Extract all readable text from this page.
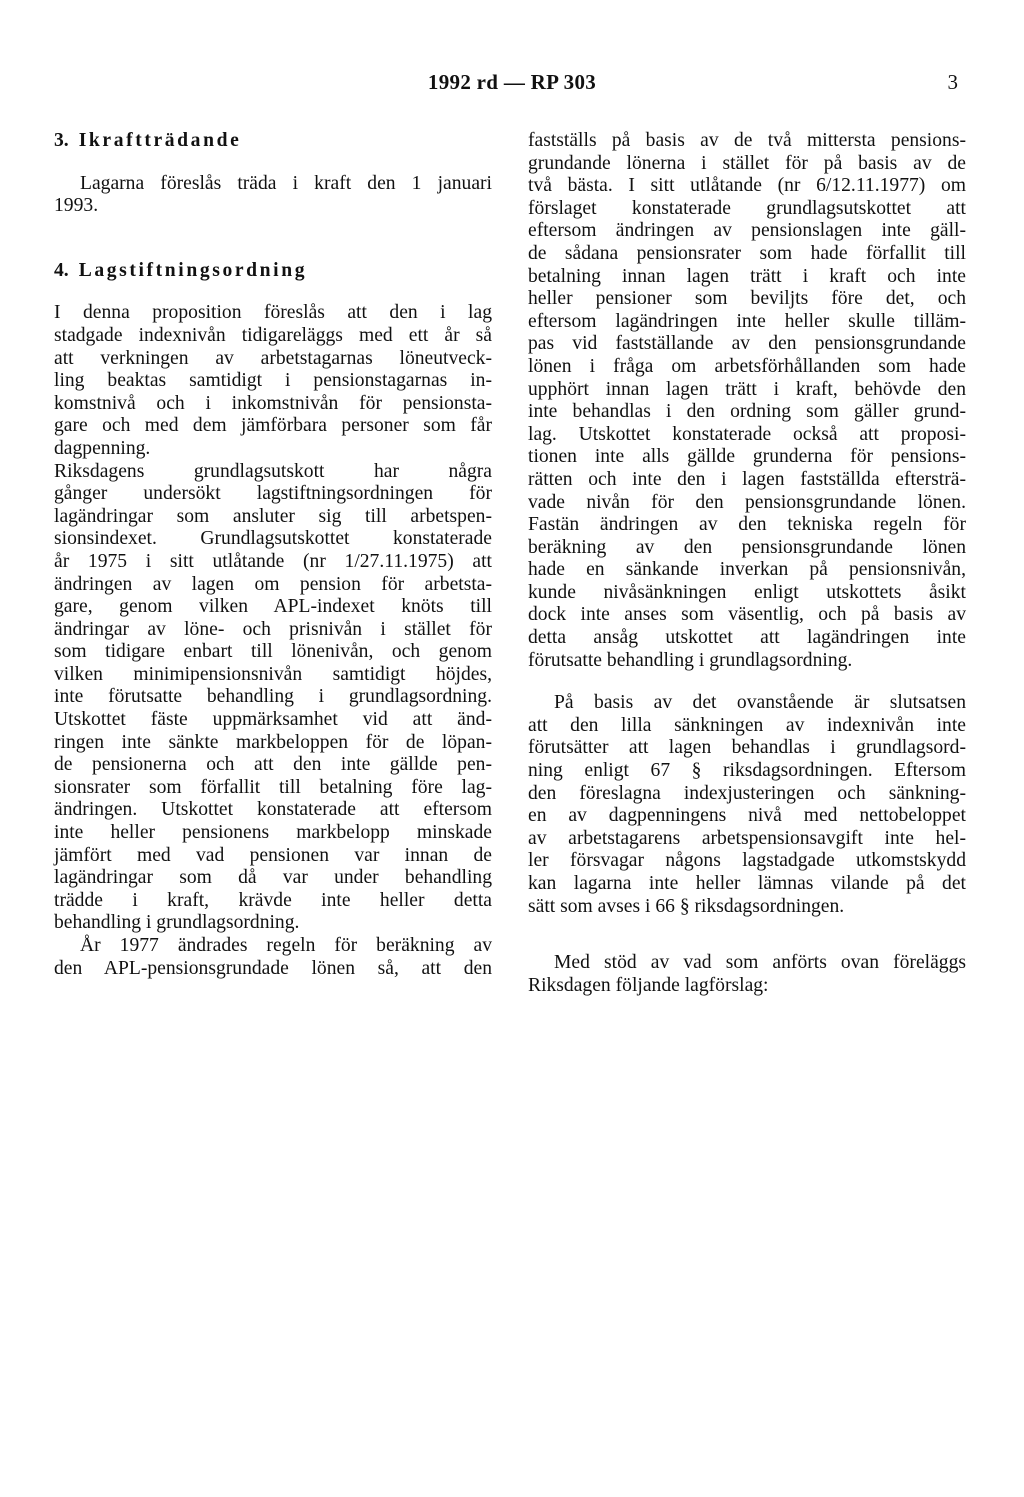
1992 rd — RP 303	3
3. Ikraftträdande
Lagarna föreslås träda i kraft den 1 januari
1993.
4. Lagstiftningsordning
I denna proposition föreslås att den i lag
stadgade indexnivån tidigareläggs med ett år så
att verkningen av arbetstagarnas löneutveck-
ling beaktas samtidigt i pensionstagarnas in-
komstnivå och i inkomstnivån för pensionsta-
gare och med dem jämförbara personer som får
dagpenning.
Riksdagens grundlagsutskott har några
gånger undersökt lagstiftningsordningen för
lagändringar som ansluter sig till arbetspen-
sionsindexet. Grundlagsutskottet konstaterade
år 1975 i sitt utlåtande (nr 1/27.11.1975) att
ändringen av lagen om pension för arbetsta-
gare, genom vilken APL-indexet knöts till
ändringar av löne- och prisnivån i stället för
som tidigare enbart till lönenivån, och genom
vilken minimipensionsnivån samtidigt höjdes,
inte förutsatte behandling i grundlagsordning.
Utskottet fäste uppmärksamhet vid att änd-
ringen inte sänkte markbeloppen för de löpan-
de pensionerna och att den inte gällde pen-
sionsrater som förfallit till betalning före lag-
ändringen. Utskottet konstaterade att eftersom
inte heller pensionens markbelopp minskade
jämfört med vad pensionen var innan de
lagändringar som då var under behandling
trädde i kraft, krävde inte heller detta
behandling i grundlagsordning.
År 1977 ändrades regeln för beräkning av
den APL-pensionsgrundade lönen så, att den
fastställs på basis av de två mittersta pensions-
grundande lönerna i stället för på basis av de
två bästa. I sitt utlåtande (nr 6/12.11.1977) om
förslaget konstaterade grundlagsutskottet att
eftersom ändringen av pensionslagen inte gäll-
de sådana pensionsrater som hade förfallit till
betalning innan lagen trätt i kraft och inte
heller pensioner som beviljts före det, och
eftersom lagändringen inte heller skulle tilläm-
pas vid fastställande av den pensionsgrundande
lönen i fråga om arbetsförhållanden som hade
upphört innan lagen trätt i kraft, behövde den
inte behandlas i den ordning som gäller grund-
lag. Utskottet konstaterade också att proposi-
tionen inte alls gällde grunderna för pensions-
rätten och inte den i lagen fastställda eftersträ-
vade nivån för den pensionsgrundande lönen.
Fastän ändringen av den tekniska regeln för
beräkning av den pensionsgrundande lönen
hade en sänkande inverkan på pensionsnivån,
kunde nivåsänkningen enligt utskottets åsikt
dock inte anses som väsentlig, och på basis av
detta ansåg utskottet att lagändringen inte
förutsatte behandling i grundlagsordning.
På basis av det ovanstående är slutsatsen
att den lilla sänkningen av indexnivån inte
förutsätter att lagen behandlas i grundlagsord-
ning enligt 67 § riksdagsordningen. Eftersom
den föreslagna indexjusteringen och sänkning-
en av dagpenningens nivå med nettobeloppet
av arbetstagarens arbetspensionsavgift inte hel-
ler försvagar någons lagstadgade utkomstskydd
kan lagarna inte heller lämnas vilande på det
sätt som avses i 66 § riksdagsordningen.
Med stöd av vad som anförts ovan föreläggs
Riksdagen följande lagförslag:
